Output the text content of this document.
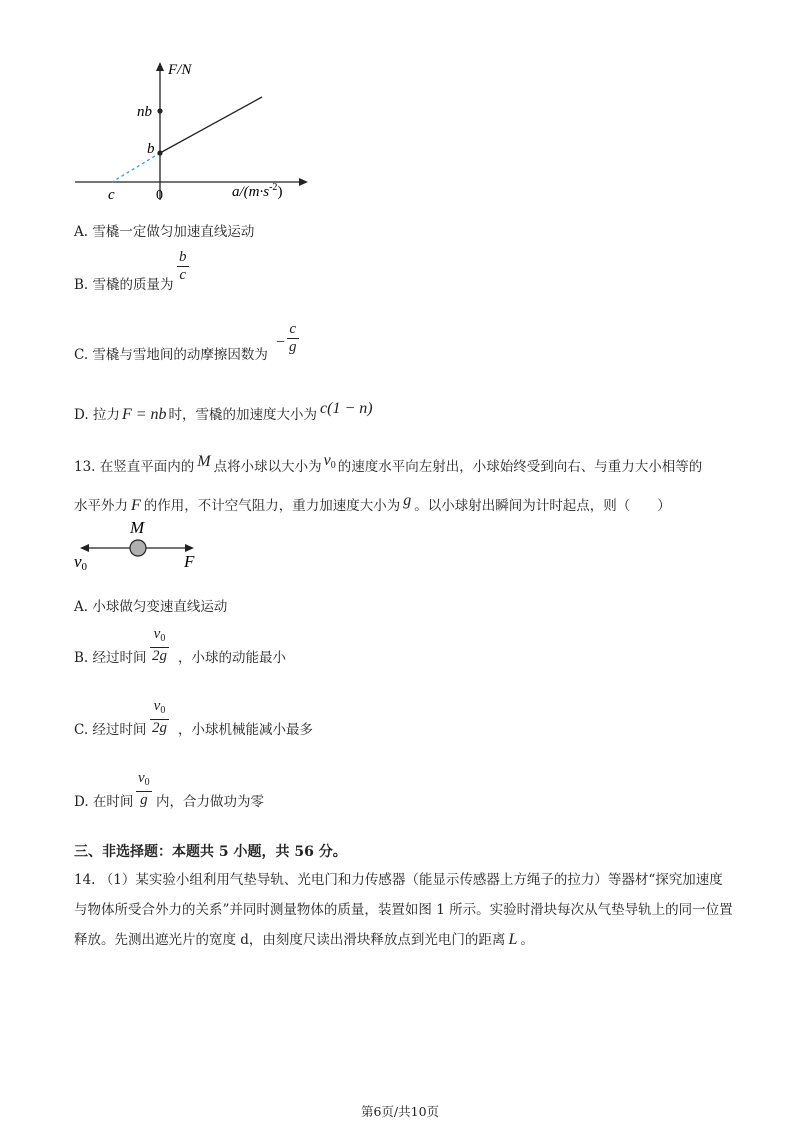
F/N
nb
b
c	0	$a/(m\cdot s^{-2})$
A. 雪橇一定做匀加速直线运动
B. 雪橇的质量为
b
c
C. 雪橇与雪地间的动摩擦因数为
−
c
g
D. 拉力 F = nb 时，雪橇的加速度大小为 c(1 − n)
13. 在竖直平面内的 M 点将小球以大小为 $v_0$ 的速度水平向左射出，小球始终受到向右、与重力大小相等的
水平外力 F 的作用，不计空气阻力，重力加速度大小为 g 。以小球射出瞬间为计时起点，则（　　）
M
v0	F
A. 小球做匀变速直线运动
B. 经过时间
$v_0$
2g ，小球的动能最小
C. 经过时间
$v_0$
2g ，小球机械能减小最多
D. 在时间
$v_0$
g 内，合力做功为零
三、非选择题：本题共 5 小题，共 56 分。
14. （1）某实验小组利用气垫导轨、光电门和力传感器（能显示传感器上方绳子的拉力）等器材“探究加速度与物体所受合外力的关系”并同时测量物体的质量，装置如图 1 所示。实验时滑块每次从气垫导轨上的同一位置释放。先测出遮光片的宽度 d，由刻度尺读出滑块释放点到光电门的距离 L 。
第6页/共10页
